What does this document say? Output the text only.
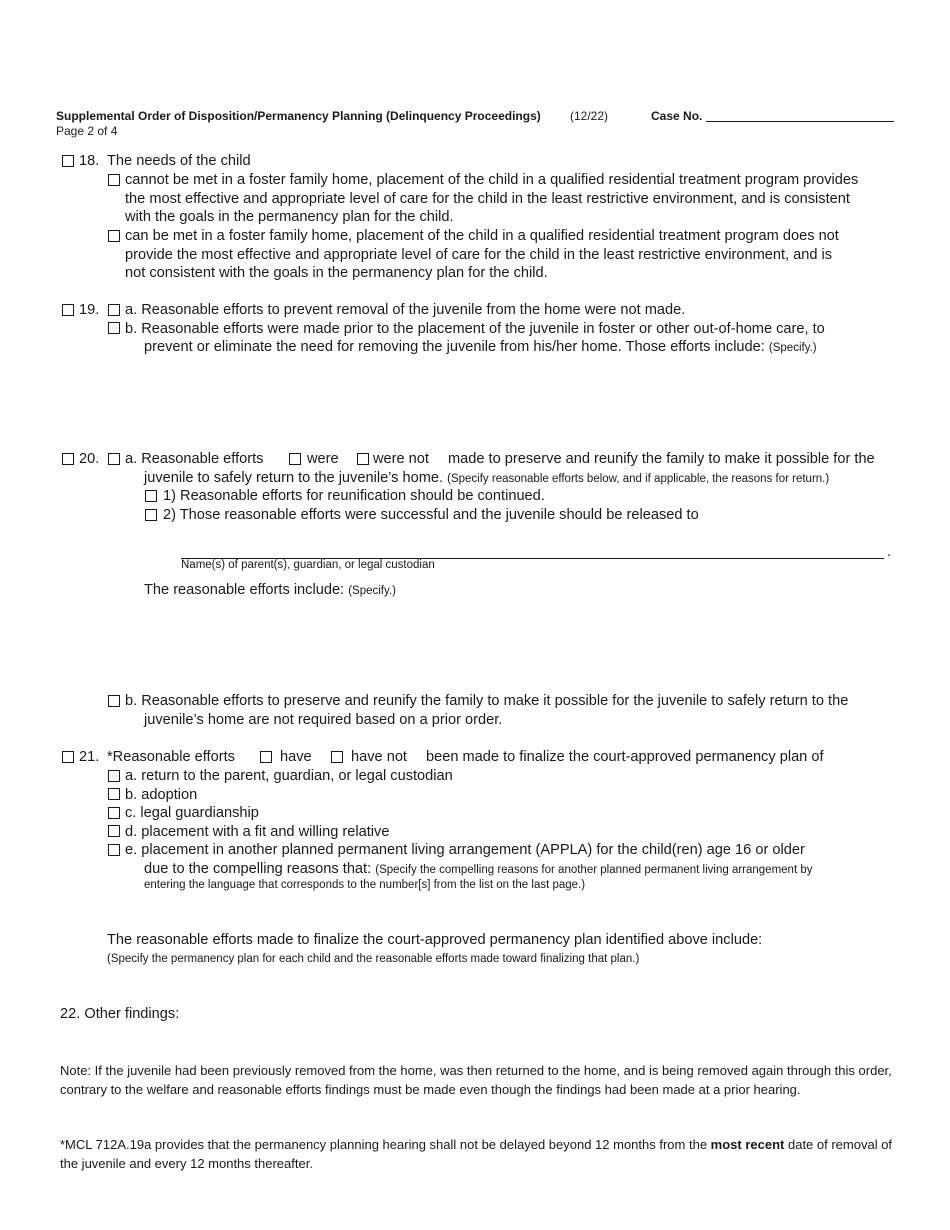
Supplemental Order of Disposition/Permanency Planning (Delinquency Proceedings) (12/22)	Case No.
Page 2 of 4
18. The needs of the child
cannot be met in a foster family home, placement of the child in a qualified residential treatment program provides
the most effective and appropriate level of care for the child in the least restrictive environment, and is consistent
with the goals in the permanency plan for the child.
can be met in a foster family home, placement of the child in a qualified residential treatment program does not
provide the most effective and appropriate level of care for the child in the least restrictive environment, and is
not consistent with the goals in the permanency plan for the child.
19. a. Reasonable efforts to prevent removal of the juvenile from the home were not made.
b. Reasonable efforts were made prior to the placement of the juvenile in foster or other out-of-home care, to
prevent or eliminate the need for removing the juvenile from his/her home. Those efforts include: (Specify.)
20. a. Reasonable efforts	were were not made to preserve and reunify the family to make it possible for the
juvenile to safely return to the juvenile’s home. (Specify reasonable efforts below, and if applicable, the reasons for return.)
1) Reasonable efforts for reunification should be continued.
2) Those reasonable efforts were successful and the juvenile should be released to
.
Name(s) of parent(s), guardian, or legal custodian
The reasonable efforts include: (Specify.)
b. Reasonable efforts to preserve and reunify the family to make it possible for the juvenile to safely return to the
juvenile’s home are not required based on a prior order.
21. *Reasonable efforts	have	have not been made to finalize the court-approved permanency plan of
a. return to the parent, guardian, or legal custodian
b. adoption
c. legal guardianship
d. placement with a fit and willing relative
e. placement in another planned permanent living arrangement (APPLA) for the child(ren) age 16 or older
due to the compelling reasons that: (Specify the compelling reasons for another planned permanent living arrangement by
entering the language that corresponds to the number[s] from the list on the last page.)
The reasonable efforts made to finalize the court-approved permanency plan identified above include:
(Specify the permanency plan for each child and the reasonable efforts made toward finalizing that plan.)
22. Other findings:
Note: If the juvenile had been previously removed from the home, was then returned to the home, and is being removed again through this order, contrary to the welfare and reasonable efforts findings must be made even though the findings had been made at a prior hearing.
*MCL 712A.19a provides that the permanency planning hearing shall not be delayed beyond 12 months from the most recent date of removal of the juvenile and every 12 months thereafter.
